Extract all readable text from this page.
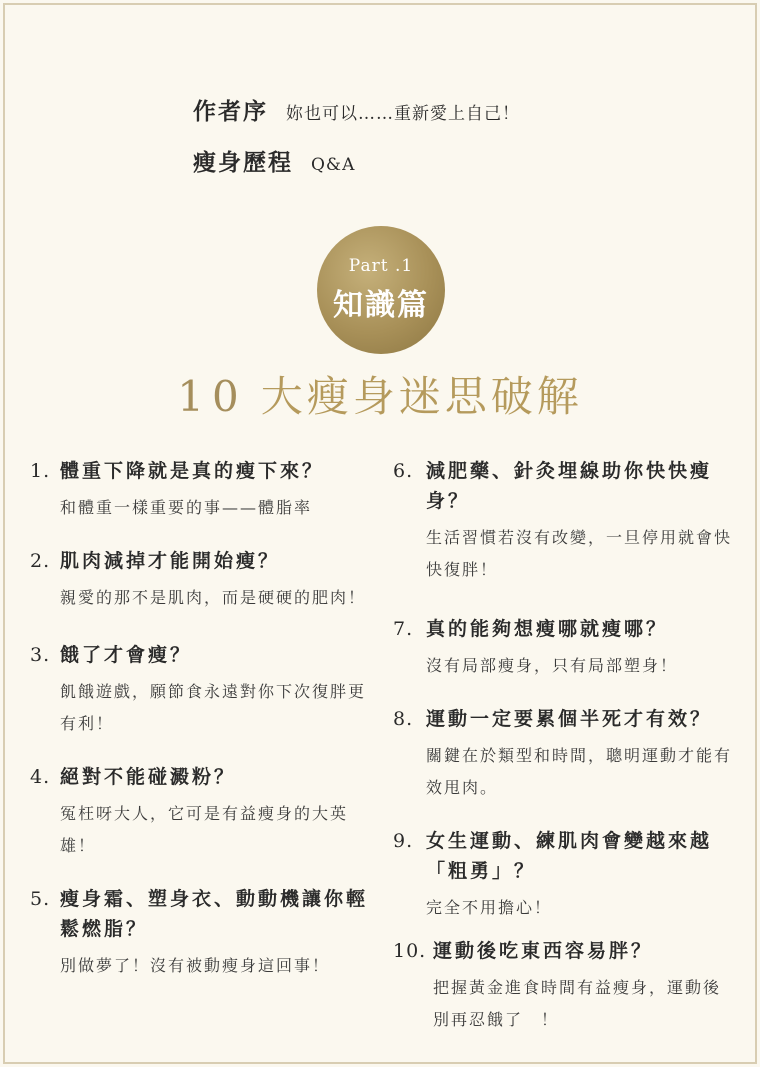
作者序 妳也可以……重新愛上自己！
瘦身歷程 Q&A
Part .1
知識篇
10 大瘦身迷思破解
1. 體重下降就是真的瘦下來？
和體重一樣重要的事——體脂率
2. 肌肉減掉才能開始瘦？
親愛的那不是肌肉，而是硬硬的肥肉！
3. 餓了才會瘦？
飢餓遊戲，願節食永遠對你下次復胖更有利！
4. 絕對不能碰澱粉？
冤枉呀大人，它可是有益瘦身的大英雄！
5. 瘦身霜、塑身衣、動動機讓你輕鬆燃脂？
別做夢了！沒有被動瘦身這回事！
6. 減肥藥、針灸埋線助你快快瘦身？
生活習慣若沒有改變，一旦停用就會快快復胖！
7. 真的能夠想瘦哪就瘦哪？
沒有局部瘦身，只有局部塑身！
8. 運動一定要累個半死才有效？
關鍵在於類型和時間，聰明運動才能有效甩肉。
9. 女生運動、練肌肉會變越來越「粗勇」？
完全不用擔心！
10. 運動後吃東西容易胖？
把握黃金進食時間有益瘦身，運動後別再忍餓了　！
